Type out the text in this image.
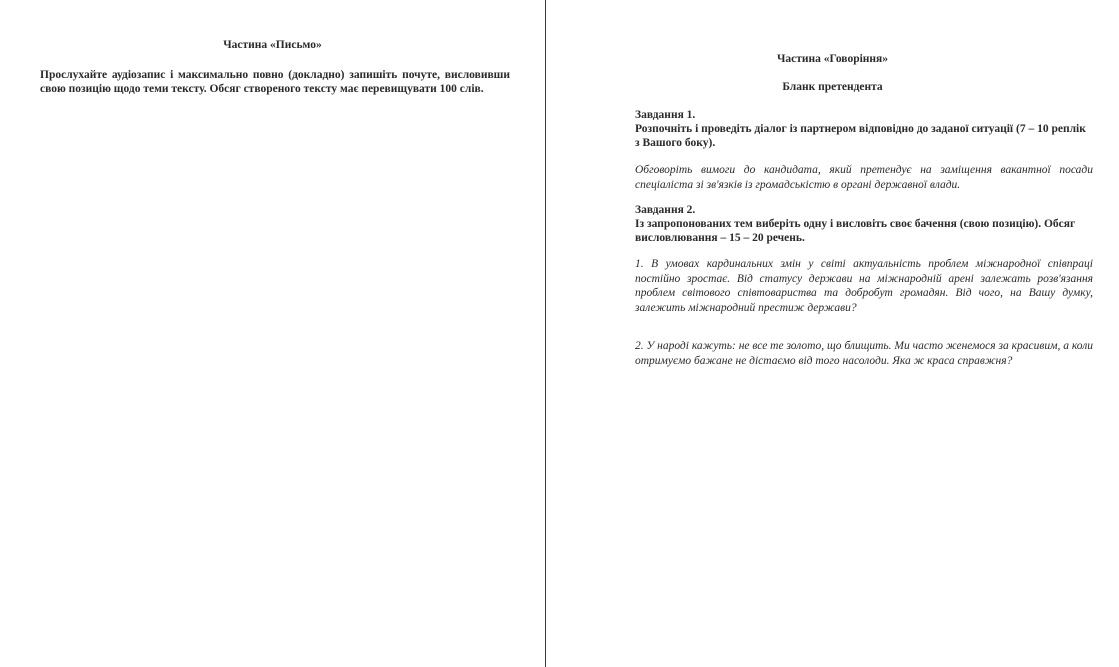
Частина «Письмо»

Прослухайте аудіозапис і максимально повно (докладно) запишіть почуте, висловивши свою позицію щодо теми тексту. Обсяг створеного тексту має перевищувати 100 слів.

Частина «Говоріння»

Бланк претендента

Завдання 1.
Розпочніть і проведіть діалог із партнером відповідно до заданої ситуації (7 – 10 реплік з Вашого боку).

Обговоріть вимоги до кандидата, який претендує на заміщення вакантної посади спеціаліста зі зв'язків із громадськістю в органі державної влади.

Завдання 2.
Із запропонованих тем виберіть одну і висловіть своє бачення (свою позицію). Обсяг висловлювання – 15 – 20 речень.

1. В умовах кардинальних змін у світі актуальність проблем міжнародної співпраці постійно зростає. Від статусу держави на міжнародній арені залежать розв'язання проблем світового співтовариства та добробут громадян. Від чого, на Вашу думку, залежить міжнародний престиж держави?

2. У народі кажуть: не все те золото, що блищить. Ми часто женемося за красивим, а коли отримуємо бажане не дістаємо від того насолоди. Яка ж краса справжня?
